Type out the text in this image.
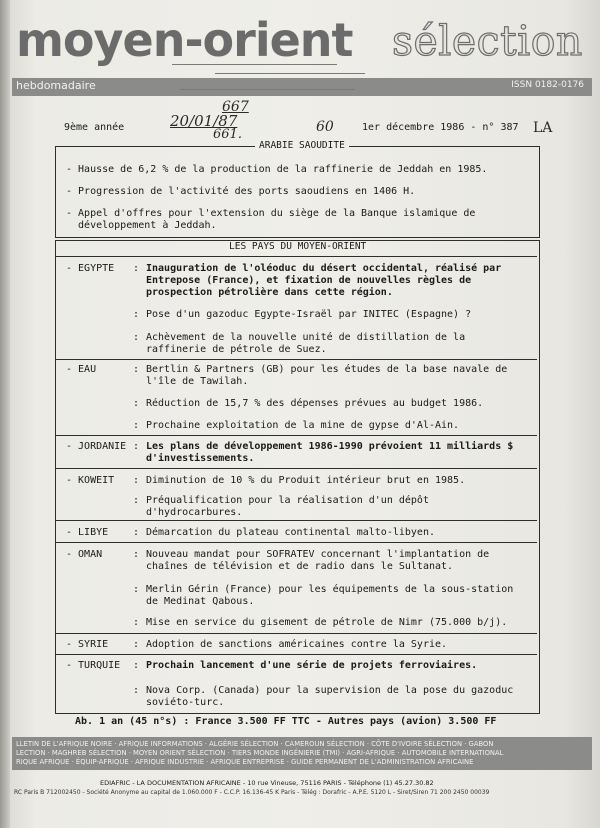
moyen-orient sélection
hebdomadaire	ISSN 0182-0176
9ème année	1er décembre 1986 - n° 387
667
20/01/87
661.	60	LA
ARABIE SAOUDITE
- Hausse de 6,2 % de la production de la raffinerie de Jeddah en 1985.
- Progression de l'activité des ports saoudiens en 1406 H.
- Appel d'offres pour l'extension du siège de la Banque islamique de
développement à Jeddah.
LES PAYS DU MOYEN-ORIENT
- EGYPTE : Inauguration de l'oléoduc du désert occidental, réalisé par
Entrepose (France), et fixation de nouvelles règles de
prospection pétrolière dans cette région.
: Pose d'un gazoduc Egypte-Israël par INITEC (Espagne) ?
: Achèvement de la nouvelle unité de distillation de la
raffinerie de pétrole de Suez.
- EAU	: Bertlin & Partners (GB) pour les études de la base navale de
l'île de Tawilah.
: Réduction de 15,7 % des dépenses prévues au budget 1986.
: Prochaine exploitation de la mine de gypse d'Al-Ain.
- JORDANIE : Les plans de développement 1986-1990 prévoient 11 milliards $
d'investissements.
- KOWEIT : Diminution de 10 % du Produit intérieur brut en 1985.
: Préqualification pour la réalisation d'un dépôt
d'hydrocarbures.
- LIBYE : Démarcation du plateau continental malto-libyen.
- OMAN	: Nouveau mandat pour SOFRATEV concernant l'implantation de
chaînes de télévision et de radio dans le Sultanat.
: Merlin Gérin (France) pour les équipements de la sous-station
de Medinat Qabous.
: Mise en service du gisement de pétrole de Nimr (75.000 b/j).
- SYRIE : Adoption de sanctions américaines contre la Syrie.
- TURQUIE : Prochain lancement d'une série de projets ferroviaires.
: Nova Corp. (Canada) pour la supervision de la pose du gazoduc
soviéto-turc.
Ab. 1 an (45 n°s) : France 3.500 FF TTC - Autres pays (avion) 3.500 FF
LLETIN DE L'AFRIQUE NOIRE · AFRIQUE INFORMATIONS · ALGÉRIE SÉLECTION · CAMEROUN SÉLECTION · CÔTE D'IVOIRE SÉLECTION · GABON
LECTION · MAGHREB SÉLECTION · MOYEN ORIENT SÉLECTION · TIERS MONDE INGÉNIERIE (TMI) · AGRI-AFRIQUE · AUTOMOBILE INTERNATIONAL
RIQUE AFRIQUE · ÉQUIP-AFRIQUE · AFRIQUE INDUSTRIE · AFRIQUE ENTREPRISE · GUIDE PERMANENT DE L'ADMINISTRATION AFRICAINE
EDIAFRIC - LA DOCUMENTATION AFRICAINE - 10 rue Vineuse, 75116 PARIS - Téléphone (1) 45.27.30.82
RC Paris B 712002450 - Société Anonyme au capital de 1.060.000 F - C.C.P. 16.136-45 K Paris - Télég : Dorafric - A.P.E. 5120 L - Siret/Siren 71 200 2450 00039
